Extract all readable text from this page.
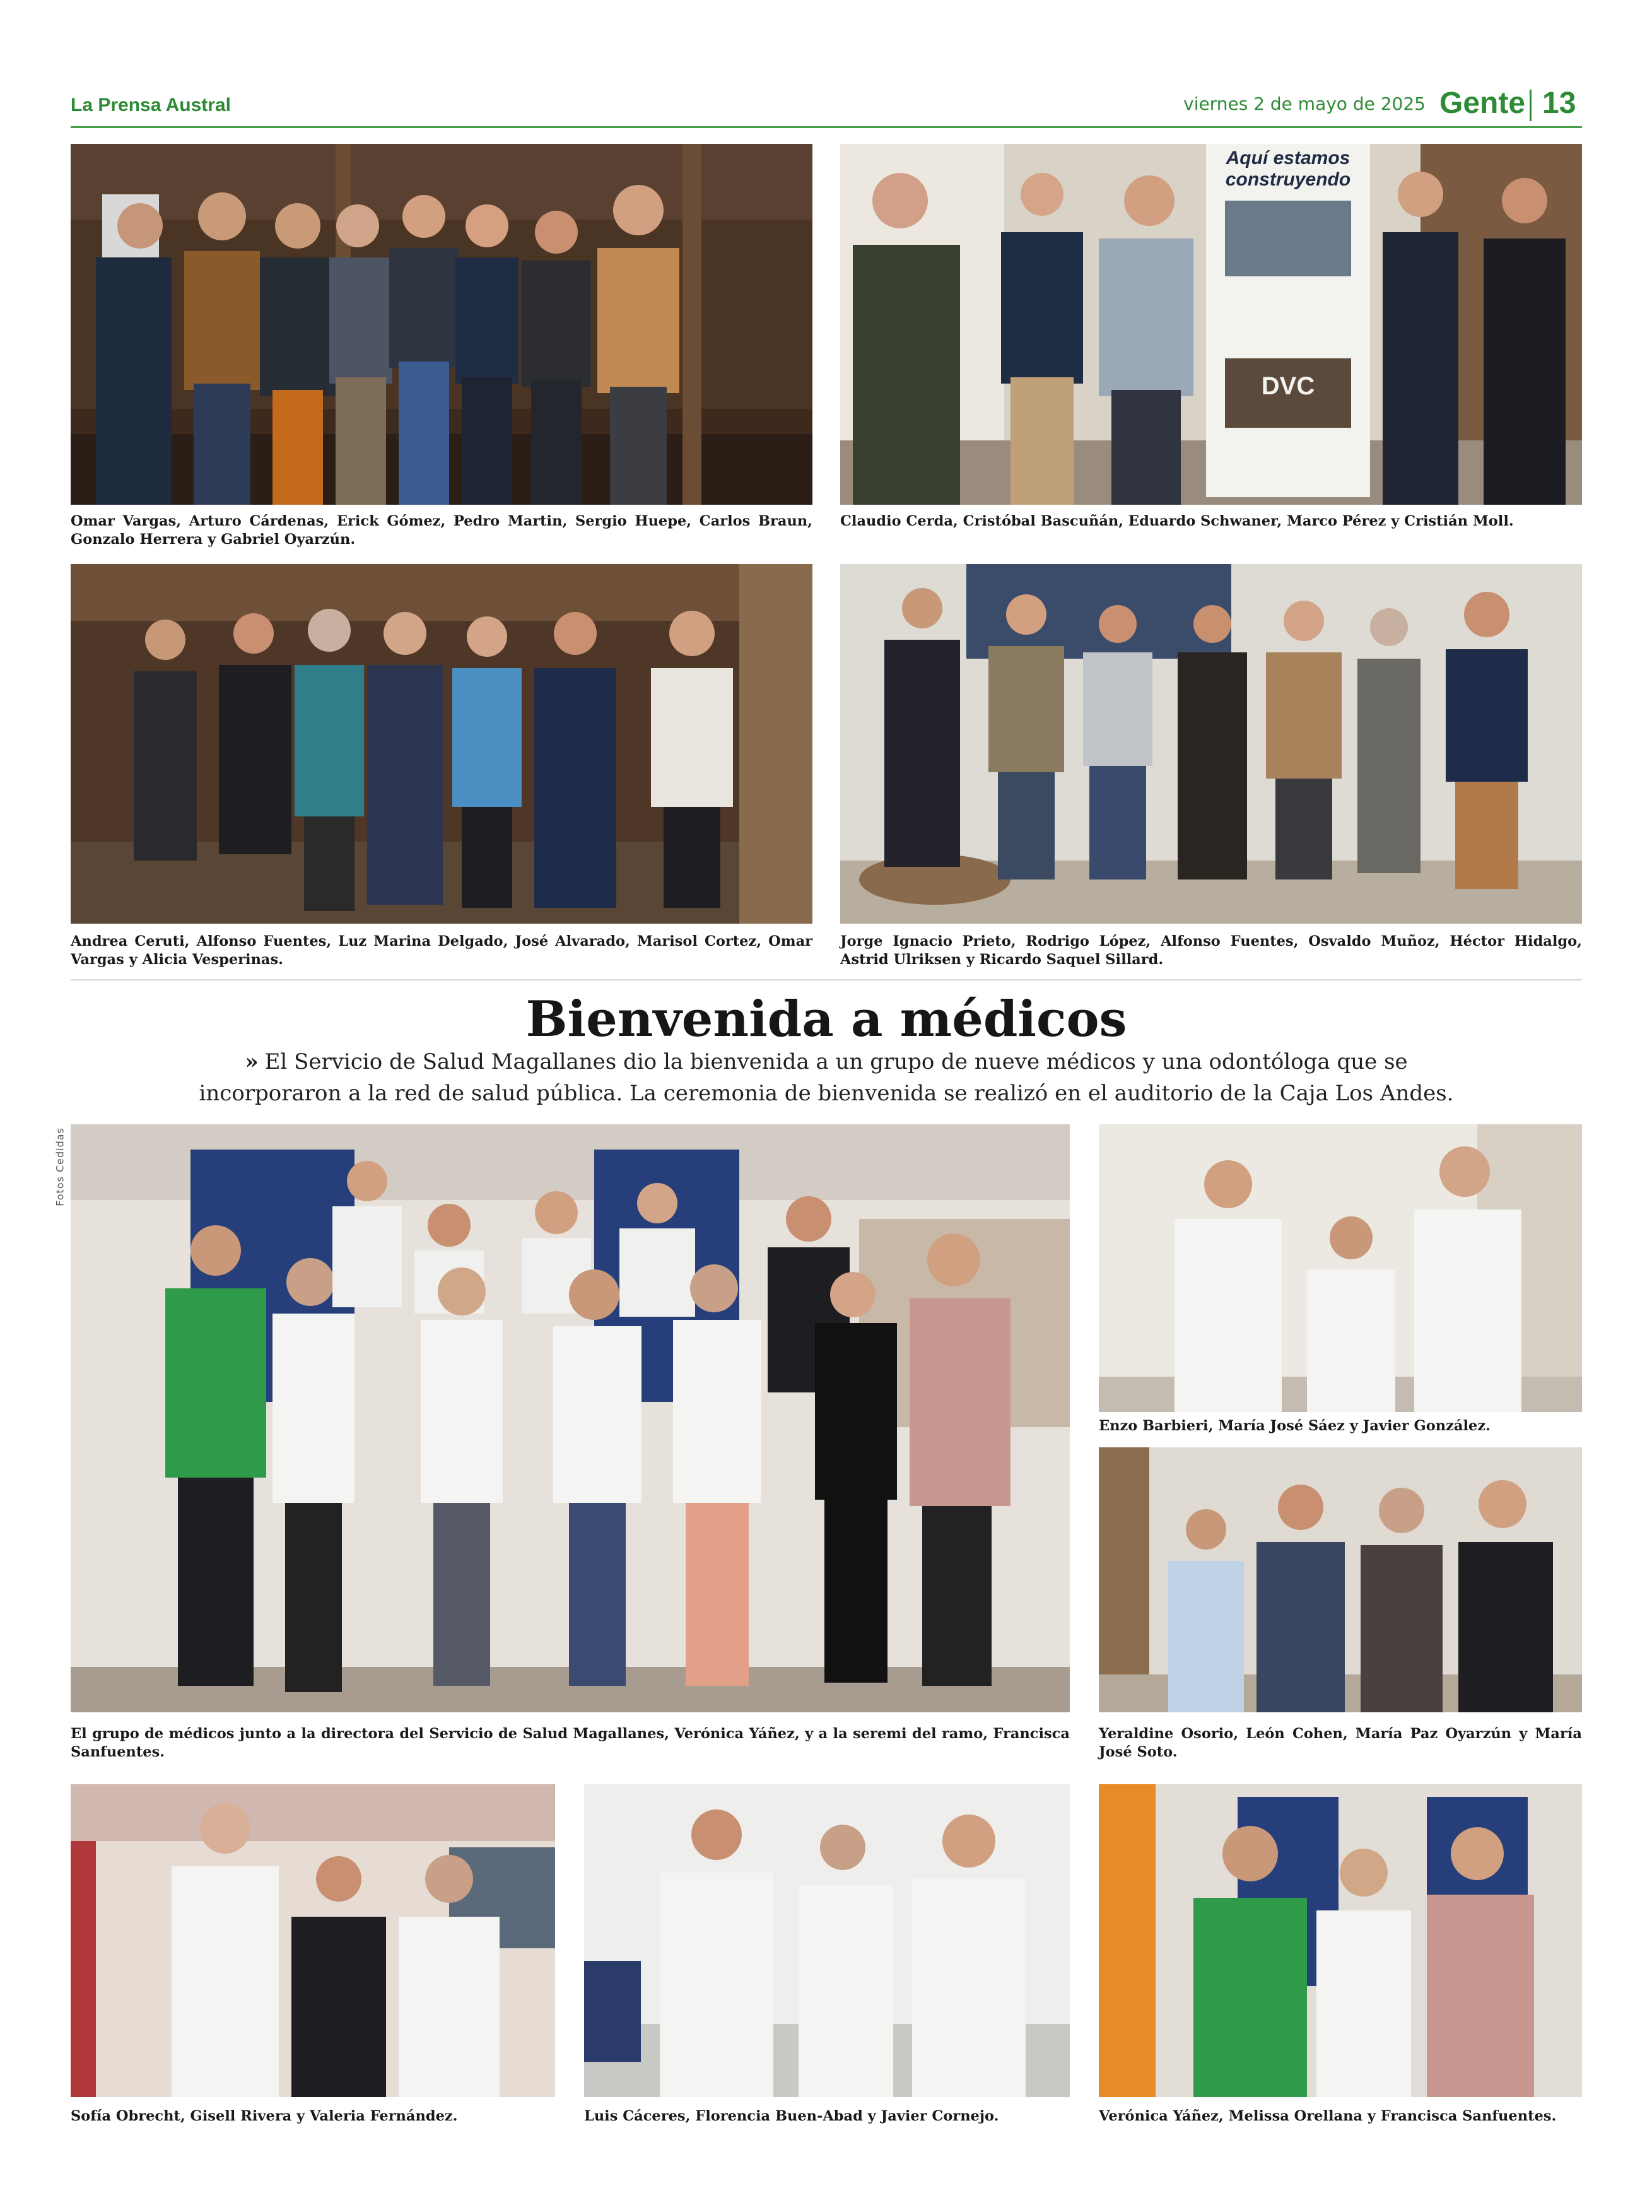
La Prensa Austral	viernes 2 de mayo de 2025 Gente 13
Omar Vargas, Arturo Cárdenas, Erick Gómez, Pedro Martin, Sergio Huepe, Carlos Braun, Gonzalo Herrera y Gabriel Oyarzún.
Aquí estamos
construyendo
DVC
Claudio Cerda, Cristóbal Bascuñán, Eduardo Schwaner, Marco Pérez y Cristián Moll.
Andrea Ceruti, Alfonso Fuentes, Luz Marina Delgado, José Alvarado, Marisol Cortez, Omar Vargas y Alicia Vesperinas.
Jorge Ignacio Prieto, Rodrigo López, Alfonso Fuentes, Osvaldo Muñoz, Héctor Hidalgo, Astrid Ulriksen y Ricardo Saquel Sillard.
Bienvenida a médicos

» El Servicio de Salud Magallanes dio la bienvenida a un grupo de nueve médicos y una odontóloga que se incorporaron a la red de salud pública. La ceremonia de bienvenida se realizó en el auditorio de la Caja Los Andes.

Fotos Cedidas
El grupo de médicos junto a la directora del Servicio de Salud Magallanes, Verónica Yáñez, y a la seremi del ramo, Francisca Sanfuentes.
Enzo Barbieri, María José Sáez y Javier González.
Yeraldine Osorio, León Cohen, María Paz Oyarzún y María José Soto.
Sofía Obrecht, Gisell Rivera y Valeria Fernández.	Luis Cáceres, Florencia Buen-Abad y Javier Cornejo.	Verónica Yáñez, Melissa Orellana y Francisca Sanfuentes.
